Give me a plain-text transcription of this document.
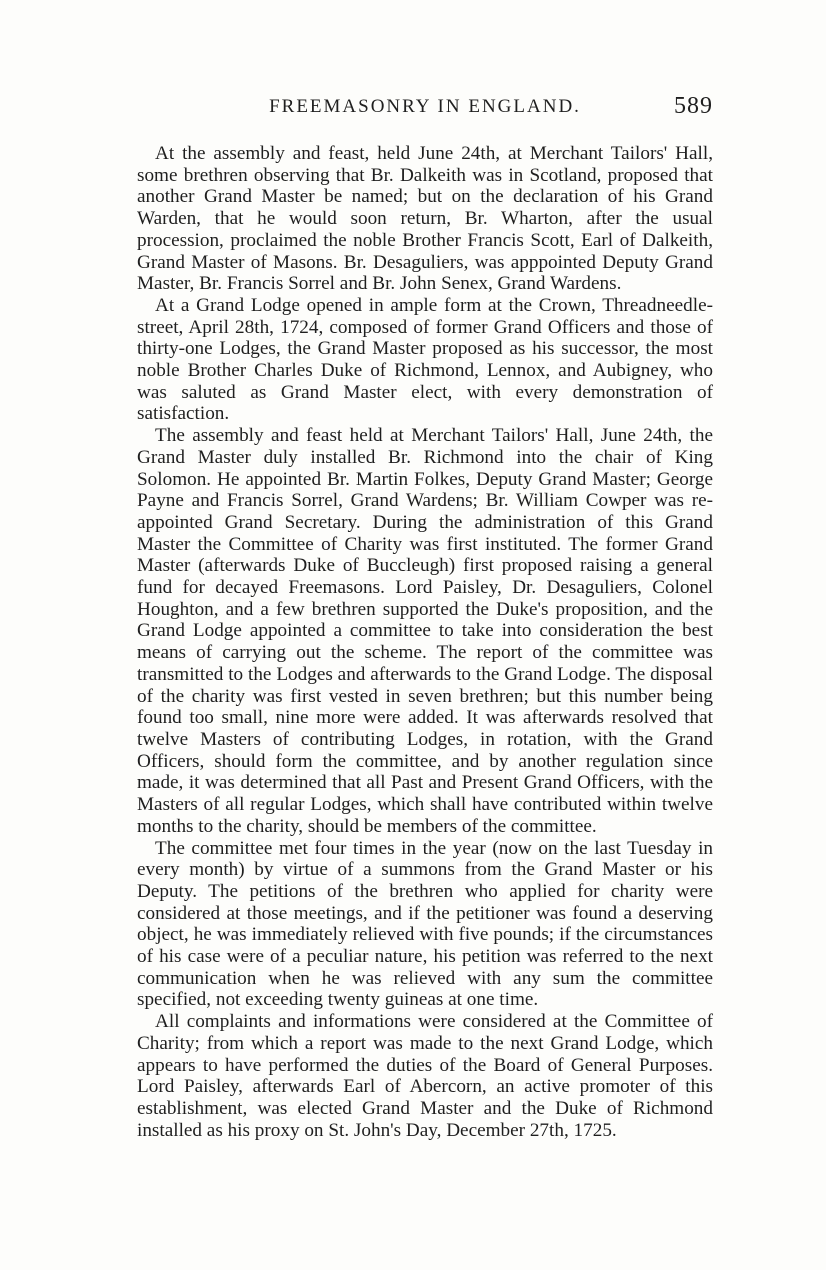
FREEMASONRY IN ENGLAND.	589

At the assembly and feast, held June 24th, at Merchant Tailors' Hall, some brethren observing that Br. Dalkeith was in Scotland, proposed that another Grand Master be named; but on the declaration of his Grand Warden, that he would soon return, Br. Wharton, after the usual procession, proclaimed the noble Brother Francis Scott, Earl of Dalkeith, Grand Master of Masons. Br. Desaguliers, was apppointed Deputy Grand Master, Br. Francis Sorrel and Br. John Senex, Grand Wardens.

At a Grand Lodge opened in ample form at the Crown, Threadneedle-street, April 28th, 1724, composed of former Grand Officers and those of thirty-one Lodges, the Grand Master proposed as his successor, the most noble Brother Charles Duke of Richmond, Lennox, and Aubigney, who was saluted as Grand Master elect, with every demonstration of satisfaction.

The assembly and feast held at Merchant Tailors' Hall, June 24th, the Grand Master duly installed Br. Richmond into the chair of King Solomon. He appointed Br. Martin Folkes, Deputy Grand Master; George Payne and Francis Sorrel, Grand Wardens; Br. William Cowper was re-appointed Grand Secretary. During the administration of this Grand Master the Committee of Charity was first instituted. The former Grand Master (afterwards Duke of Buccleugh) first proposed raising a general fund for decayed Freemasons. Lord Paisley, Dr. Desaguliers, Colonel Houghton, and a few brethren supported the Duke's proposition, and the Grand Lodge appointed a committee to take into consideration the best means of carrying out the scheme. The report of the committee was transmitted to the Lodges and afterwards to the Grand Lodge. The disposal of the charity was first vested in seven brethren; but this number being found too small, nine more were added. It was afterwards resolved that twelve Masters of contributing Lodges, in rotation, with the Grand Officers, should form the committee, and by another regulation since made, it was determined that all Past and Present Grand Officers, with the Masters of all regular Lodges, which shall have contributed within twelve months to the charity, should be members of the committee.

The committee met four times in the year (now on the last Tuesday in every month) by virtue of a summons from the Grand Master or his Deputy. The petitions of the brethren who applied for charity were considered at those meetings, and if the petitioner was found a deserving object, he was immediately relieved with five pounds; if the circumstances of his case were of a peculiar nature, his petition was referred to the next communication when he was relieved with any sum the committee specified, not exceeding twenty guineas at one time.

All complaints and informations were considered at the Committee of Charity; from which a report was made to the next Grand Lodge, which appears to have performed the duties of the Board of General Purposes. Lord Paisley, afterwards Earl of Abercorn, an active promoter of this establishment, was elected Grand Master and the Duke of Richmond installed as his proxy on St. John's Day, December 27th, 1725.
